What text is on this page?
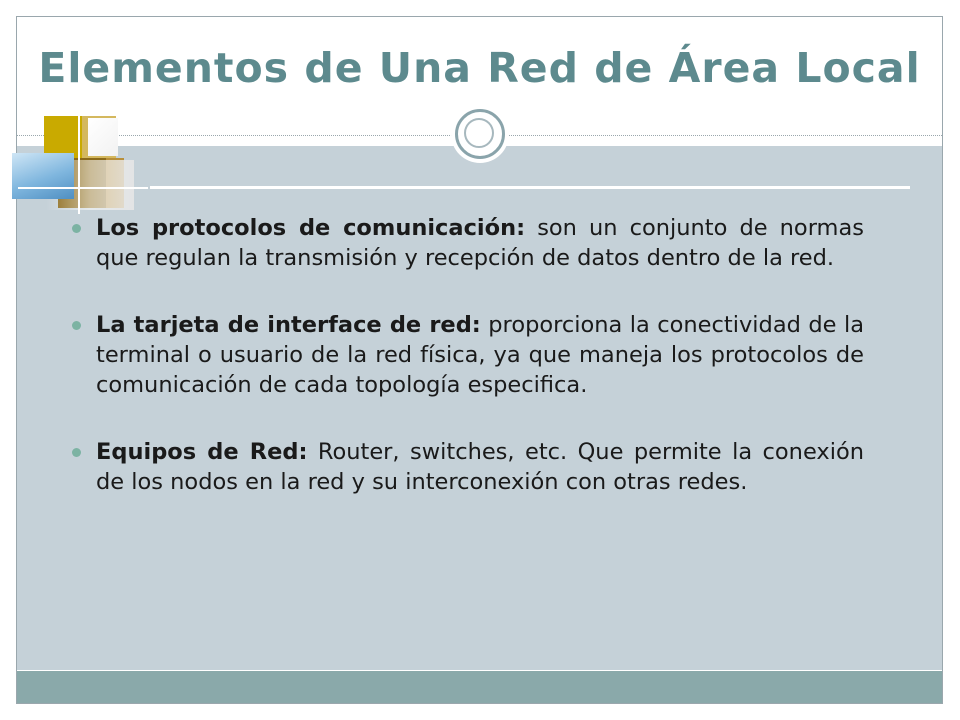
Elementos de Una Red de Área Local
Los protocolos de comunicación: son un conjunto de normas que regulan la transmisión y recepción de datos dentro de la red.
La tarjeta de interface de red: proporciona la conectividad de la terminal o usuario de la red física, ya que maneja los protocolos de comunicación de cada topología especifica.
Equipos de Red: Router, switches, etc. Que permite la conexión de los nodos en la red y su interconexión con otras redes.
